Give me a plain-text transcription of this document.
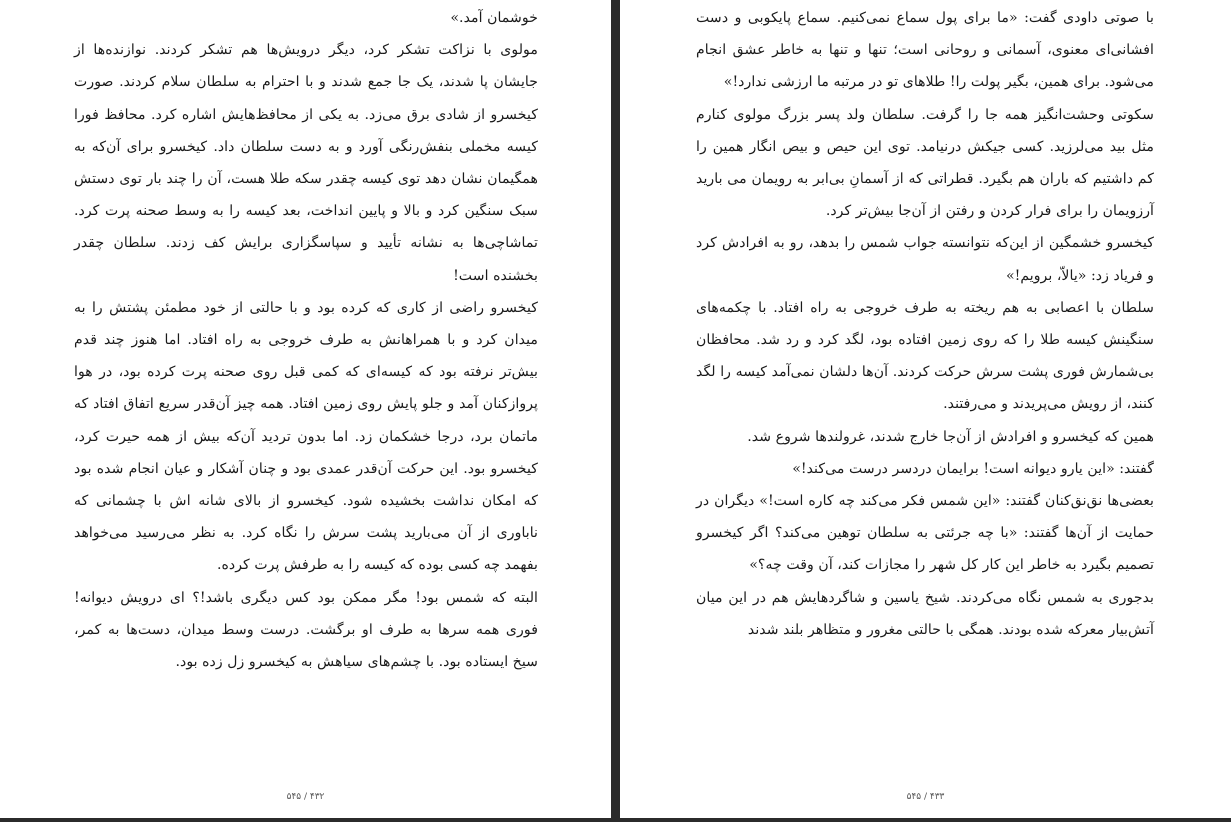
خوشمان آمد.»

مولوی با نزاکت تشکر کرد، دیگر درویش‌ها هم تشکر کردند. نوازنده‌ها از جایشان پا شدند، یک جا جمع شدند و با احترام به سلطان سلام کردند. صورت کیخسرو از شادی برق می‌زد. به یکی از محافظ‌هایش اشاره کرد. محافظ فورا کیسه مخملی بنفش‌رنگی آورد و به دست سلطان داد. کیخسرو برای آن‌که به همگیمان نشان دهد توی کیسه چقدر سکه طلا هست، آن را چند بار توی دستش سبک سنگین کرد و بالا و پایین انداخت، بعد کیسه را به وسط صحنه پرت کرد. تماشاچی‌ها به نشانه تأیید و سپاسگزاری برایش کف زدند. سلطان چقدر بخشنده است!

کیخسرو راضی از کاری که کرده بود و با حالتی از خود مطمئن پشتش را به میدان کرد و با همراهانش به طرف خروجی به راه افتاد. اما هنوز چند قدم بیش‌تر نرفته بود که کیسه‌ای که کمی قبل روی صحنه پرت کرده بود، در هوا پروازکنان آمد و جلو پایش روی زمین افتاد. همه چیز آن‌قدر سریع اتفاق افتاد که ماتمان برد، درجا خشکمان زد. اما بدون تردید آن‌که بیش از همه حیرت کرد، کیخسرو بود. این حرکت آن‌قدر عمدی بود و چنان آشکار و عیان انجام شده بود که امکان نداشت بخشیده شود. کیخسرو از بالای شانه اش با چشمانی که ناباوری از آن می‌بارید پشت سرش را نگاه کرد. به نظر می‌رسید می‌خواهد بفهمد چه کسی بوده که کیسه را به طرفش پرت کرده.

البته که شمس بود! مگر ممکن بود کس دیگری باشد!؟ ای درویش دیوانه! فوری همه سرها به طرف او برگشت. درست وسط میدان، دست‌ها به کمر، سیخ ایستاده بود. با چشم‌های سیاهش به کیخسرو زل زده بود.

۵۴۵ / ۴۳۲

با صوتی داودی گفت: «ما برای پول سماع نمی‌کنیم. سماع پایکوبی و دست افشانی‌ای معنوی، آسمانی و روحانی است؛ تنها و تنها به خاطر عشق انجام می‌شود. برای همین، بگیر پولت را! طلاهای تو در مرتبه ما ارزشی ندارد!»

سکوتی وحشت‌انگیز همه جا را گرفت. سلطان ولد پسر بزرگ مولوی کنارم مثل بید می‌لرزید. کسی جیکش درنیامد. توی این حیص و بیص انگار همین را کم داشتیم که باران هم بگیرد. قطراتی که از آسمانِ بی‌ابر به رویمان می بارید آرزویمان را برای فرار کردن و رفتن از آن‌جا بیش‌تر کرد.

کیخسرو خشمگین از این‌که نتوانسته جواب شمس را بدهد، رو به افرادش کرد و فریاد زد: «یالاّ، برویم!»

سلطان با اعصابی به هم ریخته به طرف خروجی به راه افتاد. با چکمه‌های سنگینش کیسه طلا را که روی زمین افتاده بود، لگد کرد و رد شد. محافظان بی‌شمارش فوری پشت سرش حرکت کردند. آن‌ها دلشان نمی‌آمد کیسه را لگد کنند، از رویش می‌پریدند و می‌رفتند.

همین که کیخسرو و افرادش از آن‌جا خارج شدند، غرولندها شروع شد.

گفتند: «این یارو دیوانه است! برایمان دردسر درست می‌کند!»

بعضی‌ها نق‌نق‌کنان گفتند: «این شمس فکر می‌کند چه کاره است!» دیگران در حمایت از آن‌ها گفتند: «با چه جرئتی به سلطان توهین می‌کند؟ اگر کیخسرو تصمیم بگیرد به خاطر این کار کل شهر را مجازات کند، آن وقت چه؟»

بدجوری به شمس نگاه می‌کردند. شیخ یاسین و شاگردهایش هم در این میان آتش‌بیار معرکه شده بودند. همگی با حالتی مغرور و متظاهر بلند شدند

۵۴۵ / ۴۳۳
